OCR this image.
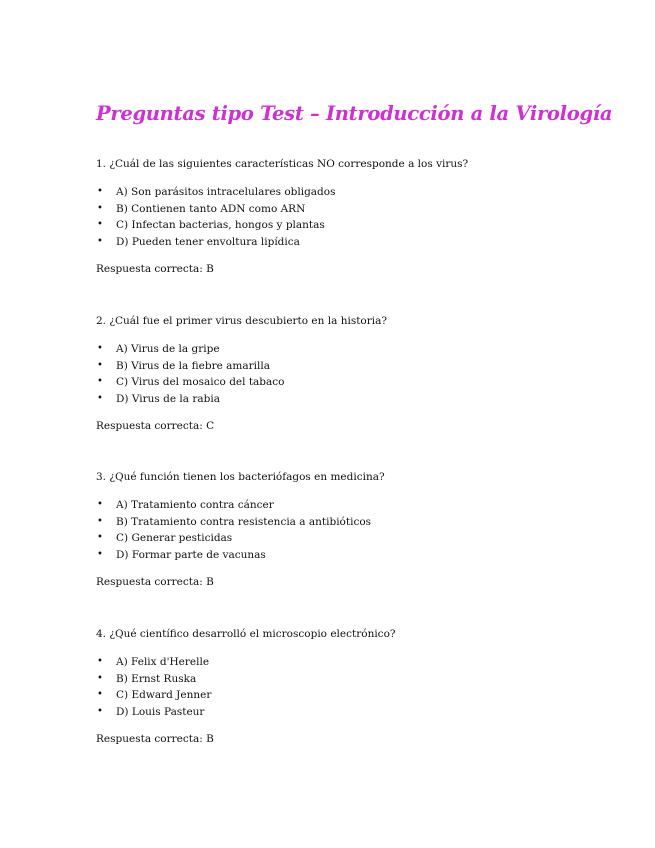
Preguntas tipo Test – Introducción a la Virología

1. ¿Cuál de las siguientes características NO corresponde a los virus?

• A) Son parásitos intracelulares obligados
• B) Contienen tanto ADN como ARN
• C) Infectan bacterias, hongos y plantas
• D) Pueden tener envoltura lipídica

Respuesta correcta: B

2. ¿Cuál fue el primer virus descubierto en la historia?

• A) Virus de la gripe
• B) Virus de la fiebre amarilla
• C) Virus del mosaico del tabaco
• D) Virus de la rabia

Respuesta correcta: C

3. ¿Qué función tienen los bacteriófagos en medicina?

• A) Tratamiento contra cáncer
• B) Tratamiento contra resistencia a antibióticos
• C) Generar pesticidas
• D) Formar parte de vacunas

Respuesta correcta: B

4. ¿Qué científico desarrolló el microscopio electrónico?

• A) Felix d'Herelle
• B) Ernst Ruska
• C) Edward Jenner
• D) Louis Pasteur

Respuesta correcta: B
